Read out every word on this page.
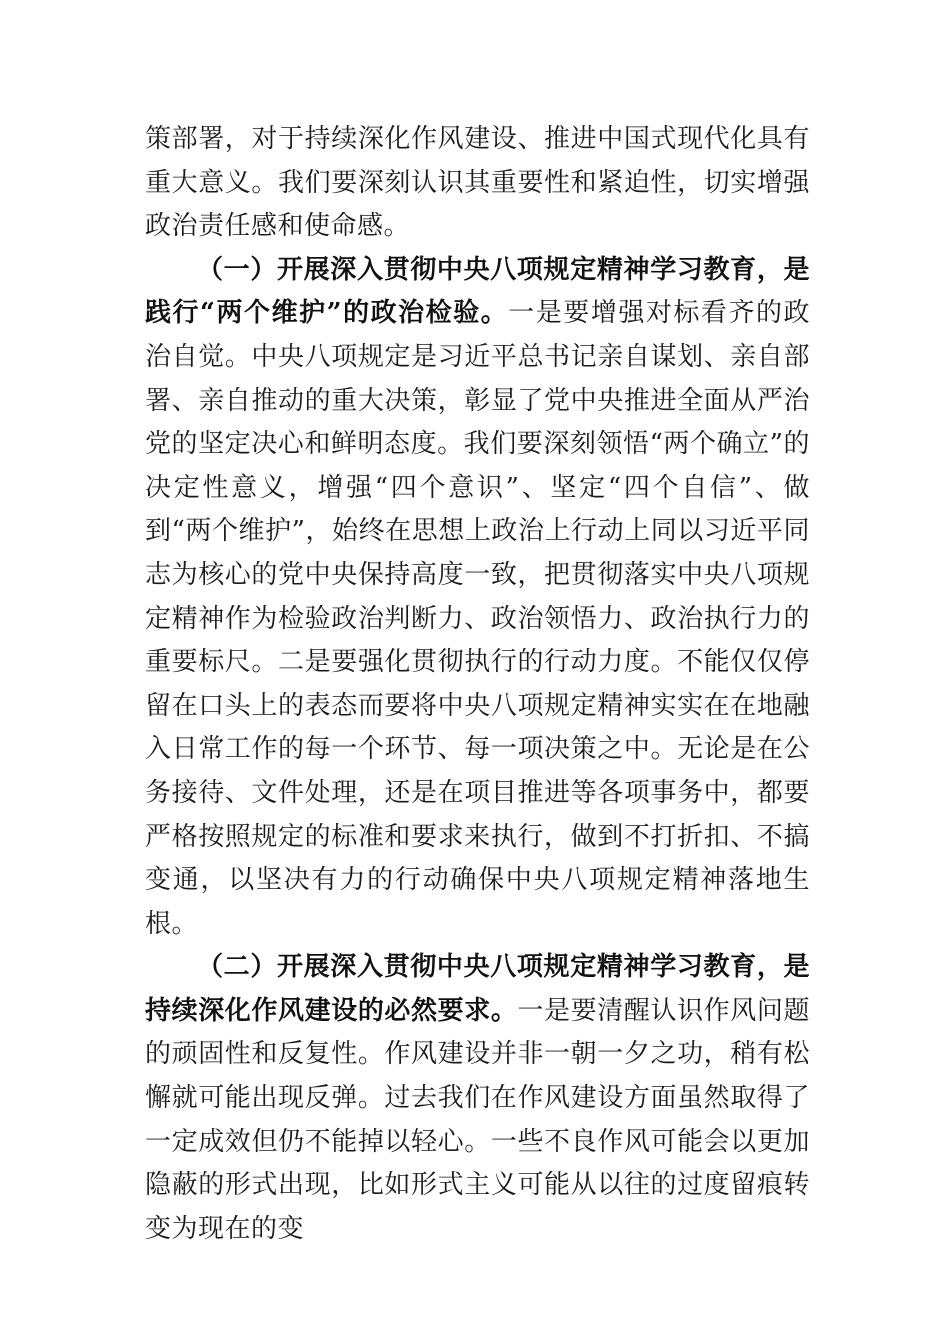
策部署，对于持续深化作风建设、推进中国式现代化具有重大意义。我们要深刻认识其重要性和紧迫性，切实增强政治责任感和使命感。

（一）开展深入贯彻中央八项规定精神学习教育，是践行“两个维护”的政治检验。一是要增强对标看齐的政治自觉。中央八项规定是习近平总书记亲自谋划、亲自部署、亲自推动的重大决策，彰显了党中央推进全面从严治党的坚定决心和鲜明态度。我们要深刻领悟“两个确立”的决定性意义，增强“四个意识”、坚定“四个自信”、做到“两个维护”，始终在思想上政治上行动上同以习近平同志为核心的党中央保持高度一致，把贯彻落实中央八项规定精神作为检验政治判断力、政治领悟力、政治执行力的重要标尺。二是要强化贯彻执行的行动力度。不能仅仅停留在口头上的表态而要将中央八项规定精神实实在在地融入日常工作的每一个环节、每一项决策之中。无论是在公务接待、文件处理，还是在项目推进等各项事务中，都要严格按照规定的标准和要求来执行，做到不打折扣、不搞变通，以坚决有力的行动确保中央八项规定精神落地生根。

（二）开展深入贯彻中央八项规定精神学习教育，是持续深化作风建设的必然要求。一是要清醒认识作风问题的顽固性和反复性。作风建设并非一朝一夕之功，稍有松懈就可能出现反弹。过去我们在作风建设方面虽然取得了一定成效但仍不能掉以轻心。一些不良作风可能会以更加隐蔽的形式出现，比如形式主义可能从以往的过度留痕转变为现在的变
